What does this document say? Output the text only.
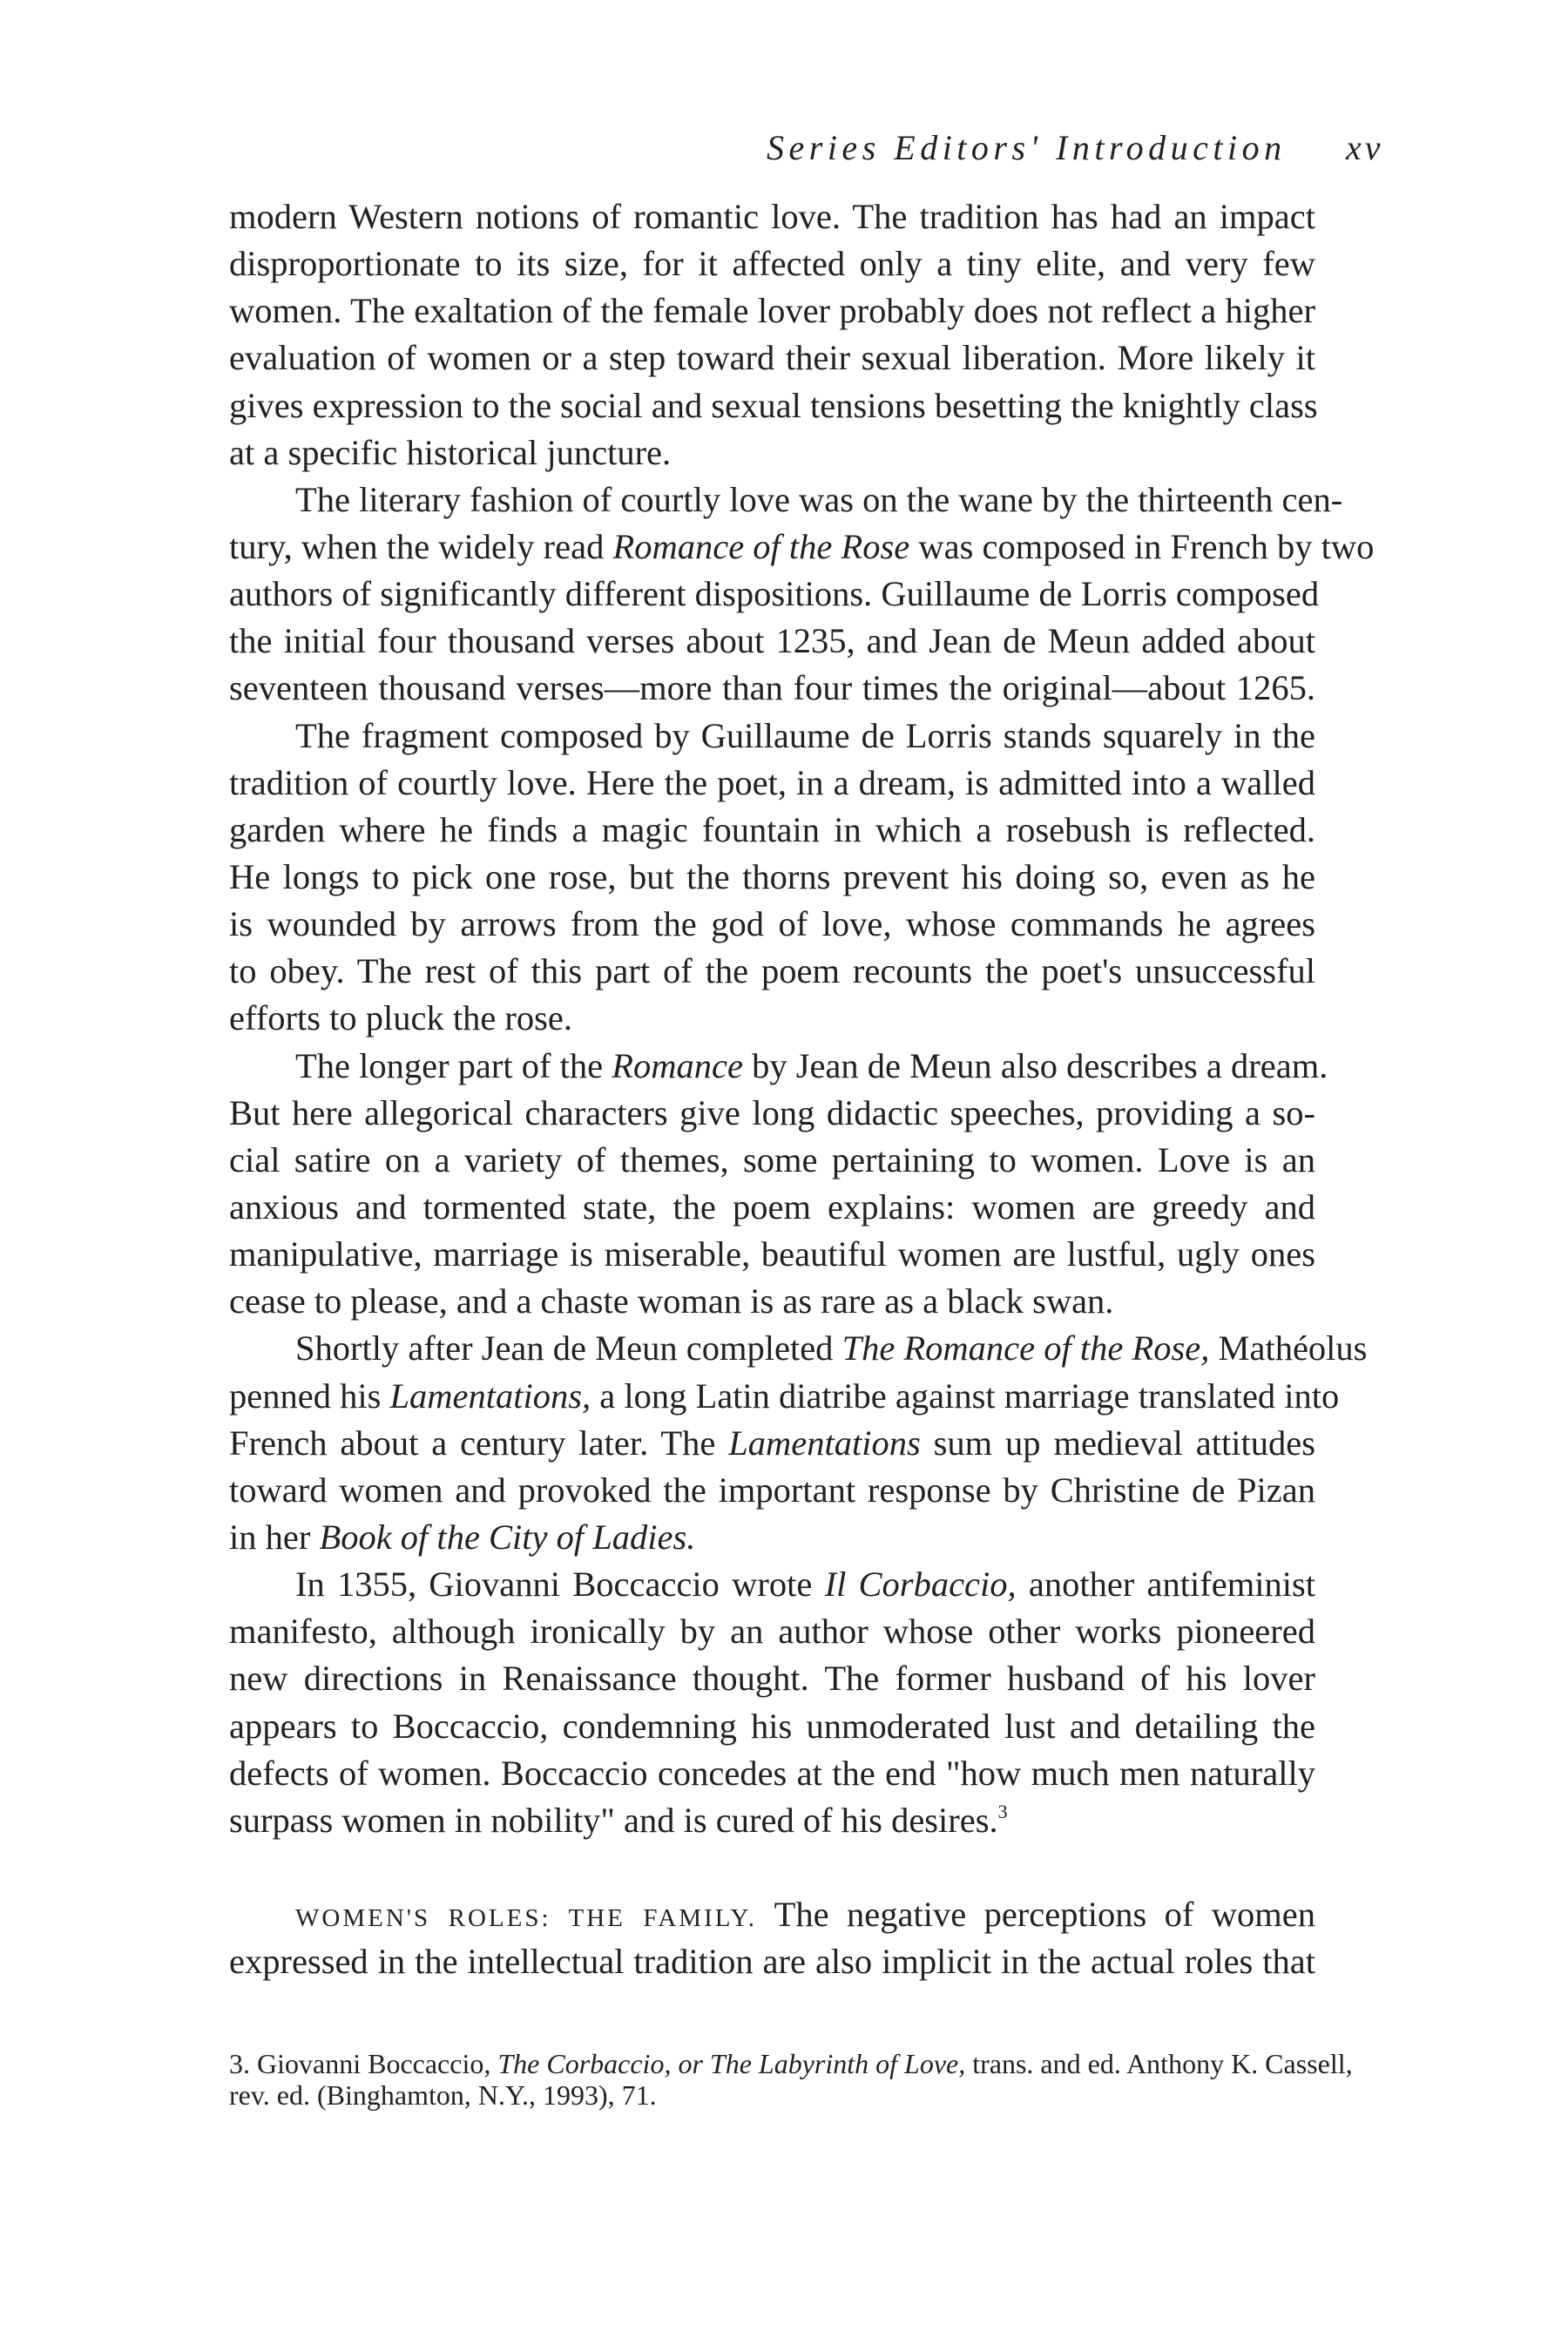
Series Editors' Introduction xv
modern Western notions of romantic love. The tradition has had an impact
disproportionate to its size, for it affected only a tiny elite, and very few
women. The exaltation of the female lover probably does not reflect a higher
evaluation of women or a step toward their sexual liberation. More likely it
gives expression to the social and sexual tensions besetting the knightly class
at a specific historical juncture.
The literary fashion of courtly love was on the wane by the thirteenth cen-
tury, when the widely read Romance of the Rose was composed in French by two
authors of significantly different dispositions. Guillaume de Lorris composed
the initial four thousand verses about 1235, and Jean de Meun added about
seventeen thousand verses—more than four times the original—about 1265.
The fragment composed by Guillaume de Lorris stands squarely in the
tradition of courtly love. Here the poet, in a dream, is admitted into a walled
garden where he finds a magic fountain in which a rosebush is reflected.
He longs to pick one rose, but the thorns prevent his doing so, even as he
is wounded by arrows from the god of love, whose commands he agrees
to obey. The rest of this part of the poem recounts the poet's unsuccessful
efforts to pluck the rose.
The longer part of the Romance by Jean de Meun also describes a dream.
But here allegorical characters give long didactic speeches, providing a so-
cial satire on a variety of themes, some pertaining to women. Love is an
anxious and tormented state, the poem explains: women are greedy and
manipulative, marriage is miserable, beautiful women are lustful, ugly ones
cease to please, and a chaste woman is as rare as a black swan.
Shortly after Jean de Meun completed The Romance of the Rose, Mathéolus
penned his Lamentations, a long Latin diatribe against marriage translated into
French about a century later. The Lamentations sum up medieval attitudes
toward women and provoked the important response by Christine de Pizan
in her Book of the City of Ladies.
In 1355, Giovanni Boccaccio wrote Il Corbaccio, another antifeminist
manifesto, although ironically by an author whose other works pioneered
new directions in Renaissance thought. The former husband of his lover
appears to Boccaccio, condemning his unmoderated lust and detailing the
defects of women. Boccaccio concedes at the end "how much men naturally
surpass women in nobility" and is cured of his desires.$^3$
WOMEN'S ROLES: THE FAMILY. The negative perceptions of women
expressed in the intellectual tradition are also implicit in the actual roles that
3. Giovanni Boccaccio, The Corbaccio, or The Labyrinth of Love, trans. and ed. Anthony K. Cassell,
rev. ed. (Binghamton, N.Y., 1993), 71.
